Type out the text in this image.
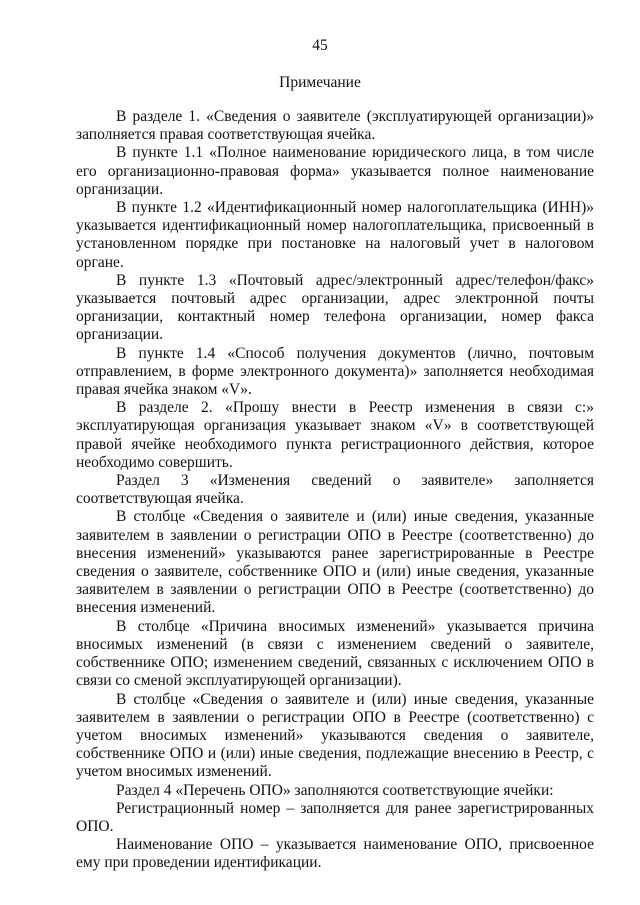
45
Примечание

В разделе 1. «Сведения о заявителе (эксплуатирующей организации)» заполняется правая соответствующая ячейка.

В пункте 1.1 «Полное наименование юридического лица, в том числе его организационно-правовая форма» указывается полное наименование организации.

В пункте 1.2 «Идентификационный номер налогоплательщика (ИНН)» указывается идентификационный номер налогоплательщика, присвоенный в установленном порядке при постановке на налоговый учет в налоговом органе.

В пункте 1.3 «Почтовый адрес/электронный адрес/телефон/факс» указывается почтовый адрес организации, адрес электронной почты организации, контактный номер телефона организации, номер факса организации.

В пункте 1.4 «Способ получения документов (лично, почтовым отправлением, в форме электронного документа)» заполняется необходимая правая ячейка знаком «V».

В разделе 2. «Прошу внести в Реестр изменения в связи с:» эксплуатирующая организация указывает знаком «V» в соответствующей правой ячейке необходимого пункта регистрационного действия, которое необходимо совершить.

Раздел 3 «Изменения сведений о заявителе» заполняется соответствующая ячейка.

В столбце «Сведения о заявителе и (или) иные сведения, указанные заявителем в заявлении о регистрации ОПО в Реестре (соответственно) до внесения изменений» указываются ранее зарегистрированные в Реестре сведения о заявителе, собственнике ОПО и (или) иные сведения, указанные заявителем в заявлении о регистрации ОПО в Реестре (соответственно) до внесения изменений.

В столбце «Причина вносимых изменений» указывается причина вносимых изменений (в связи с изменением сведений о заявителе, собственнике ОПО; изменением сведений, связанных с исключением ОПО в связи со сменой эксплуатирующей организации).

В столбце «Сведения о заявителе и (или) иные сведения, указанные заявителем в заявлении о регистрации ОПО в Реестре (соответственно) с учетом вносимых изменений» указываются сведения о заявителе, собственнике ОПО и (или) иные сведения, подлежащие внесению в Реестр, с учетом вносимых изменений.

Раздел 4 «Перечень ОПО» заполняются соответствующие ячейки:

Регистрационный номер – заполняется для ранее зарегистрированных ОПО.

Наименование ОПО – указывается наименование ОПО, присвоенное ему при проведении идентификации.
